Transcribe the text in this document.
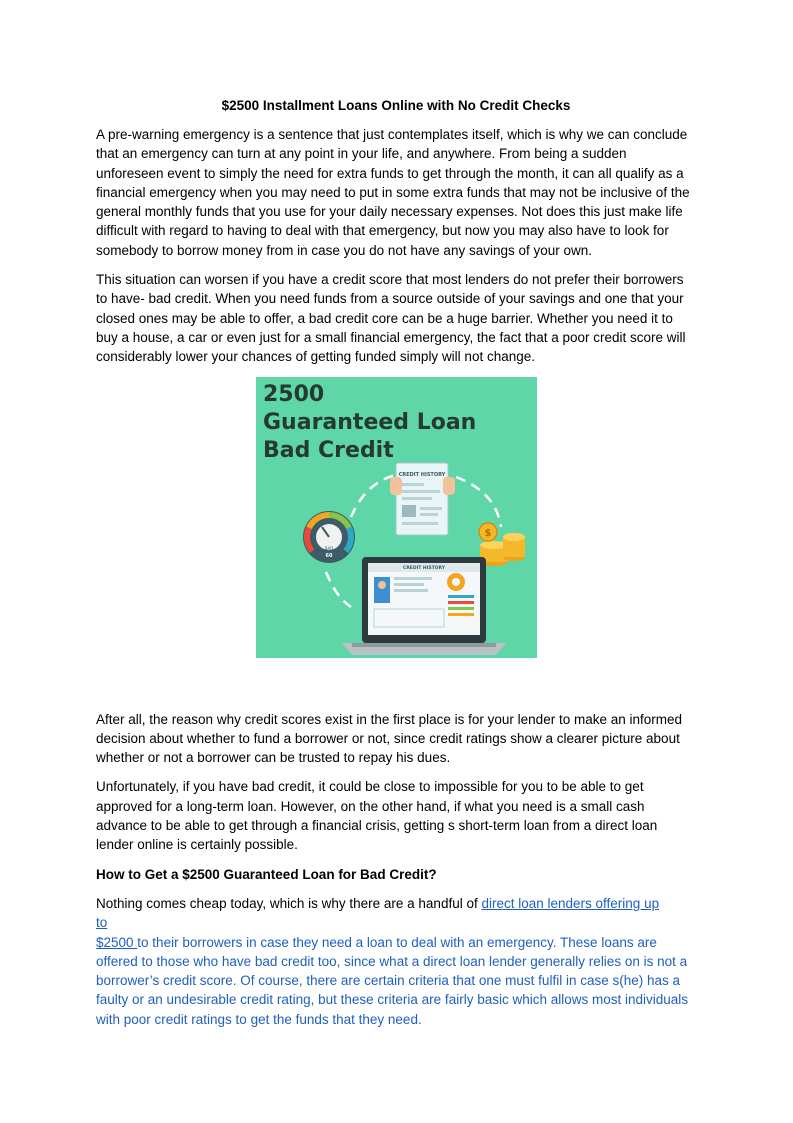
$2500 Installment Loans Online with No Credit Checks

A pre-warning emergency is a sentence that just contemplates itself, which is why we can conclude that an emergency can turn at any point in your life, and anywhere. From being a sudden unforeseen event to simply the need for extra funds to get through the month, it can all qualify as a financial emergency when you may need to put in some extra funds that may not be inclusive of the general monthly funds that you use for your daily necessary expenses. Not does this just make life difficult with regard to having to deal with that emergency, but now you may also have to look for somebody to borrow money from in case you do not have any savings of your own.

This situation can worsen if you have a credit score that most lenders do not prefer their borrowers to have- bad credit. When you need funds from a source outside of your savings and one that your closed ones may be able to offer, a bad credit core can be a huge barrier. Whether you need it to buy a house, a car or even just for a small financial emergency, the fact that a poor credit score will considerably lower your chances of getting funded simply will not change.

2500
Guaranteed Loan
Bad Credit
CREDIT HISTORY
BAD
60
$
CREDIT HISTORY

After all, the reason why credit scores exist in the first place is for your lender to make an informed decision about whether to fund a borrower or not, since credit ratings show a clearer picture about whether or not a borrower can be trusted to repay his dues.

Unfortunately, if you have bad credit, it could be close to impossible for you to be able to get approved for a long-term loan. However, on the other hand, if what you need is a small cash advance to be able to get through a financial crisis, getting s short-term loan from a direct loan lender online is certainly possible.

How to Get a $2500 Guaranteed Loan for Bad Credit?

Nothing comes cheap today, which is why there are a handful of direct loan lenders offering up
to
$2500 to their borrowers in case they need a loan to deal with an emergency. These loans are offered to those who have bad credit too, since what a direct loan lender generally relies on is not a borrower’s credit score. Of course, there are certain criteria that one must fulfil in case s(he) has a faulty or an undesirable credit rating, but these criteria are fairly basic which allows most individuals with poor credit ratings to get the funds that they need.
